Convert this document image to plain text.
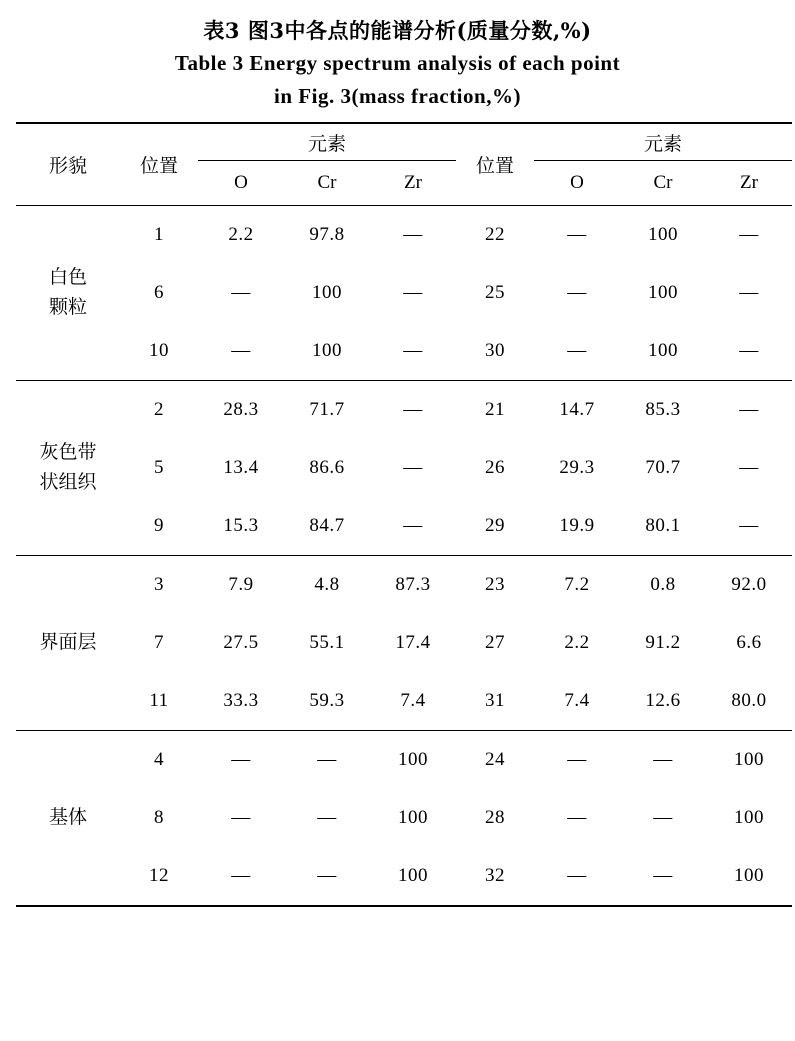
表3 图3中各点的能谱分析(质量分数,%)
Table 3 Energy spectrum analysis of each point
in Fig. 3(mass fraction,%)
形貌	位置	元素			位置	元素		
		O	Cr	Zr		O	Cr	Zr

白色
颗粒	1	2.2	97.8	—	22	—	100	—
	6	—	100	—	25	—	100	—
	10	—	100	—	30	—	100	—

灰色带
状组织	2	28.3	71.7	—	21	14.7	85.3	—
	5	13.4	86.6	—	26	29.3	70.7	—
	9	15.3	84.7	—	29	19.9	80.1	—

界面层	3	7.9	4.8	87.3	23	7.2	0.8	92.0
	7	27.5	55.1	17.4	27	2.2	91.2	6.6
	11	33.3	59.3	7.4	31	7.4	12.6	80.0

基体	4	—	—	100	24	—	—	100
	8	—	—	100	28	—	—	100
	12	—	—	100	32	—	—	100
